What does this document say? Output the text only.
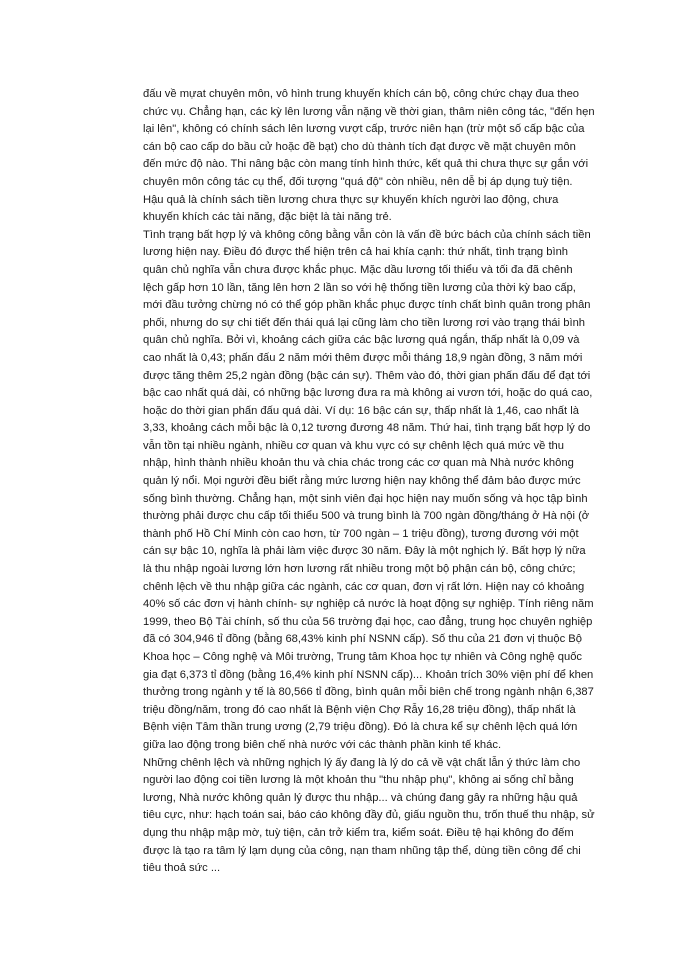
đấu về mựat chuyên môn, vô hình trung khuyến khích cán bộ, công chức chạy đua theo chức vụ. Chẳng hạn, các kỳ lên lương vẫn nặng về thời gian, thâm niên công tác, "đến hẹn lại lên", không có chính sách lên lương vượt cấp, trước niên hạn (trừ một số cấp bậc của cán bộ cao cấp do bầu cử hoặc đề bạt) cho dù thành tích đạt được về mặt chuyên môn đến mức độ nào. Thi nâng bậc còn mang tính hình thức, kết quả thi chưa thực sự gắn với chuyên môn công tác cụ thể, đối tượng "quá độ" còn nhiều, nên dễ bị áp dụng tuỳ tiện. Hậu quả là chính sách tiền lương chưa thực sự khuyến khích người lao động, chưa khuyến khích các tài năng, đặc biệt là tài năng trẻ.

Tình trạng bất hợp lý và không công bằng vẫn còn là vấn đề bức bách của chính sách tiền lương hiện nay. Điều đó được thể hiện trên cả hai khía cạnh: thứ nhất, tình trạng bình quân chủ nghĩa vẫn chưa được khắc phục. Mặc dầu lương tối thiểu và tối đa đã chênh lệch gấp hơn 10 lần, tăng lên hơn 2 lần so với hệ thống tiền lương của thời kỳ bao cấp, mới đầu tưởng chừng nó có thể góp phần khắc phục được tính chất bình quân trong phân phối, nhưng do sự chi tiết đến thái quá lại cũng làm cho tiền lương rơi vào trạng thái bình quân chủ nghĩa. Bởi vì, khoảng cách giữa các bậc lương quá ngắn, thấp nhất là 0,09 và cao nhất là 0,43; phấn đấu 2 năm mới thêm được mỗi tháng 18,9 ngàn đồng, 3 năm mới được tăng thêm 25,2 ngàn đồng (bậc cán sự). Thêm vào đó, thời gian phấn đấu để đạt tới bậc cao nhất quá dài, có những bậc lương đưa ra mà không ai vươn tới, hoặc do quá cao, hoặc do thời gian phấn đấu quá dài. Ví dụ: 16 bậc cán sự, thấp nhất là 1,46, cao nhất là 3,33, khoảng cách mỗi bậc là 0,12 tương đương 48 năm. Thứ hai, tình trạng bất hợp lý do vẫn tồn tại nhiều ngành, nhiều cơ quan và khu vực có sự chênh lệch quá mức về thu nhập, hình thành nhiều khoản thu và chia chác trong các cơ quan mà Nhà nước không quản lý nổi. Mọi người đều biết rằng mức lương hiện nay không thể đảm bảo được mức sống bình thường. Chẳng hạn, một sinh viên đại học hiện nay muốn sống và học tập bình thường phải được chu cấp tối thiểu 500 và trung bình là 700 ngàn đồng/tháng ở Hà nội (ở thành phố Hồ Chí Minh còn cao hơn, từ 700 ngàn – 1 triệu đồng), tương đương với một cán sự bậc 10, nghĩa là phải làm việc được 30 năm. Đây là một nghịch lý. Bất hợp lý nữa là thu nhập ngoài lương lớn hơn lương rất nhiều trong một bộ phận cán bộ, công chức; chênh lệch về thu nhập giữa các ngành, các cơ quan, đơn vị rất lớn. Hiện nay có khoảng 40% số các đơn vị hành chính- sự nghiệp cả nước là hoạt động sự nghiệp. Tính riêng năm 1999, theo Bộ Tài chính, số thu của 56 trường đại học, cao đẳng, trung học chuyên nghiệp đã có 304,946 tỉ đồng (bằng 68,43% kinh phí NSNN cấp). Số thu của 21 đơn vị thuộc Bộ Khoa học – Công nghệ và Môi trường, Trung tâm Khoa học tự nhiên và Công nghệ quốc gia đạt 6,373 tỉ đồng (bằng 16,4% kinh phí NSNN cấp)... Khoản trích 30% viện phí để khen thưởng trong ngành y tế là 80,566 tỉ đồng, bình quân mỗi biên chế trong ngành nhận 6,387 triệu đồng/năm, trong đó cao nhất là Bệnh viện Chợ Rẫy 16,28 triệu đồng), thấp nhất là Bệnh viện Tâm thần trung ương (2,79 triệu đồng). Đó là chưa kể sự chênh lệch quá lớn giữa lao động trong biên chế nhà nước với các thành phần kinh tế khác.

Những chênh lệch và những nghịch lý ấy đang là lý do cả về vật chất lẫn ý thức làm cho người lao động coi tiền lương là một khoản thu "thu nhập phụ", không ai sống chỉ bằng lương, Nhà nước không quản lý được thu nhập... và chúng đang gây ra những hậu quả tiêu cực, như: hạch toán sai, báo cáo không đầy đủ, giấu nguồn thu, trốn thuế thu nhập, sử dụng thu nhập mập mờ, tuỳ tiện, cản trở kiểm tra, kiểm soát. Điều tệ hại không đo đếm được là tạo ra tâm lý lạm dụng của công, nạn tham nhũng tập thể, dùng tiền công để chi tiêu thoả sức ...
